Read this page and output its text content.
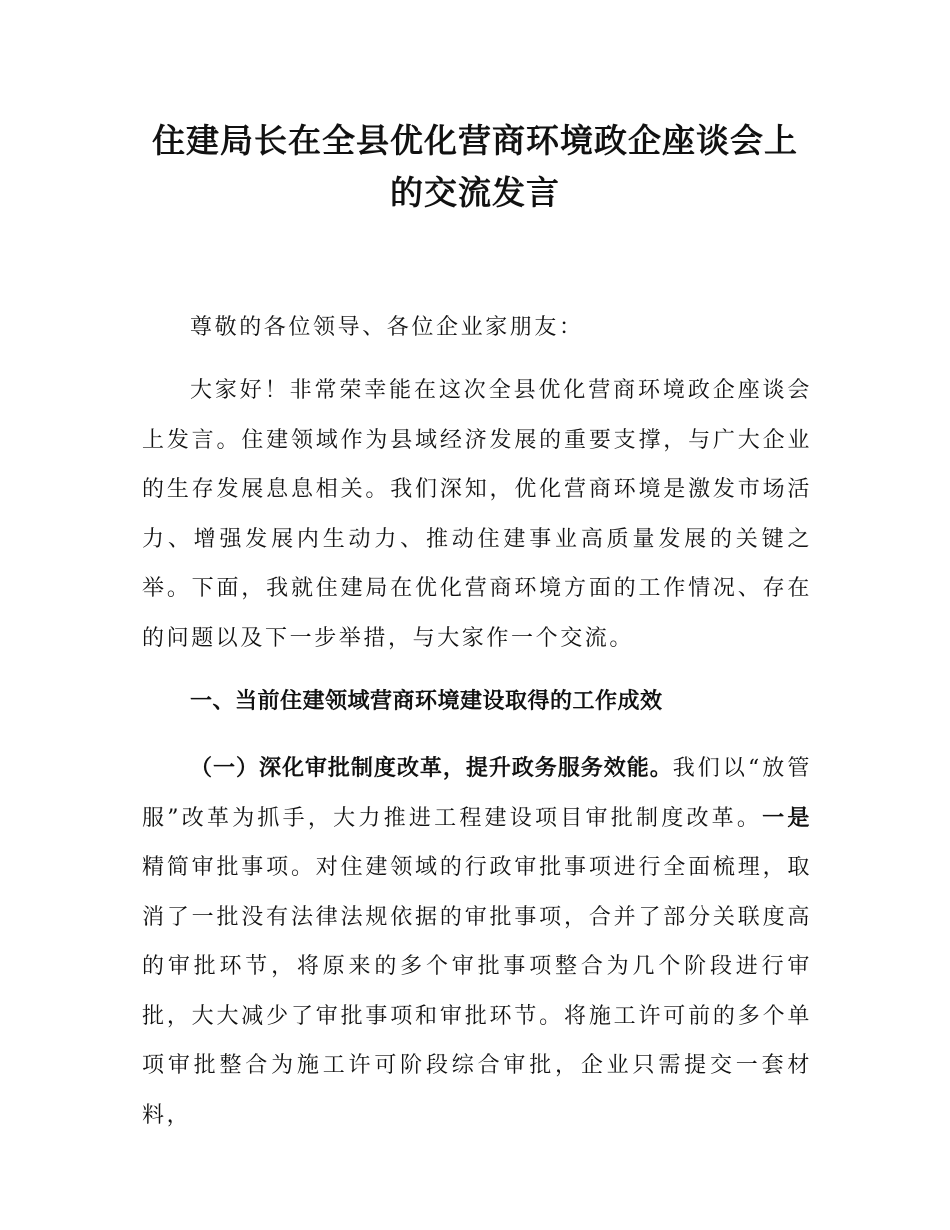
住建局长在全县优化营商环境政企座谈会上
的交流发言
尊敬的各位领导、各位企业家朋友：
大家好！非常荣幸能在这次全县优化营商环境政企座谈会上发言。住建领域作为县域经济发展的重要支撑，与广大企业的生存发展息息相关。我们深知，优化营商环境是激发市场活力、增强发展内生动力、推动住建事业高质量发展的关键之举。下面，我就住建局在优化营商环境方面的工作情况、存在的问题以及下一步举措，与大家作一个交流。
一、当前住建领域营商环境建设取得的工作成效
（一）深化审批制度改革，提升政务服务效能。我们以“放管服”改革为抓手，大力推进工程建设项目审批制度改革。一是精简审批事项。对住建领域的行政审批事项进行全面梳理，取消了一批没有法律法规依据的审批事项，合并了部分关联度高的审批环节，将原来的多个审批事项整合为几个阶段进行审批，大大减少了审批事项和审批环节。将施工许可前的多个单项审批整合为施工许可阶段综合审批，企业只需提交一套材料，
